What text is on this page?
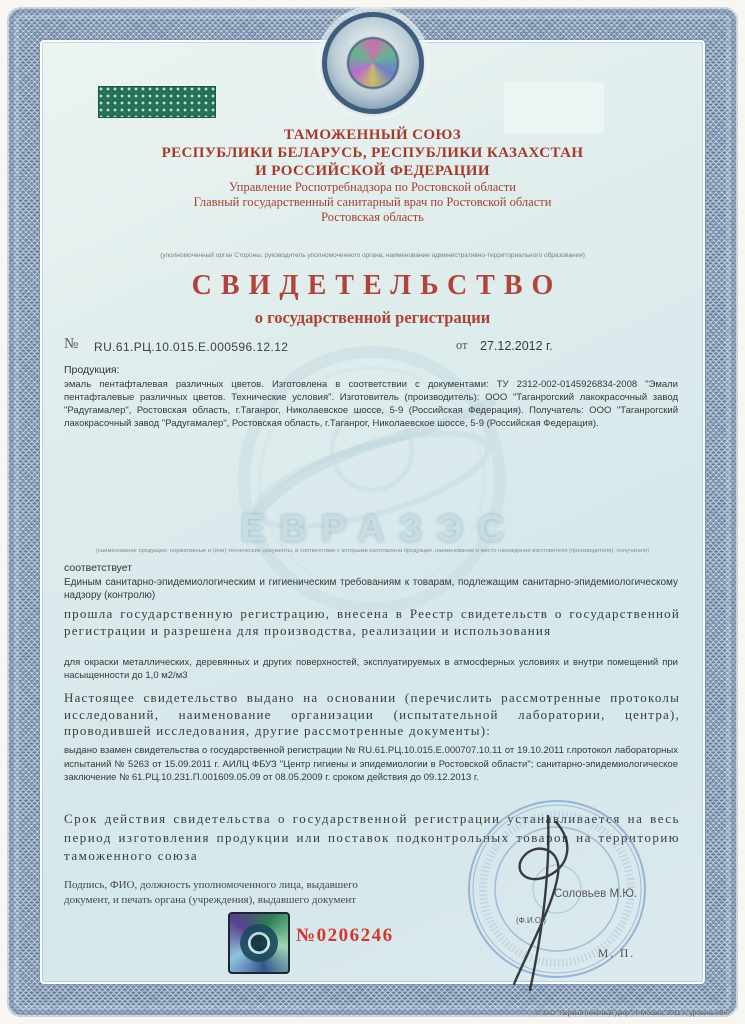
ЕВРАЗЭС
ТАМОЖЕННЫЙ СОЮЗ
РЕСПУБЛИКИ БЕЛАРУСЬ, РЕСПУБЛИКИ КАЗАХСТАН
И РОССИЙСКОЙ ФЕДЕРАЦИИ
Управление Роспотребнадзора по Ростовской области
Главный государственный санитарный врач по Ростовской области
Ростовская область
(уполномоченный орган Стороны, руководитель уполномоченного органа, наименование административно-территориального образования)
СВИДЕТЕЛЬСТВО
о государственной регистрации
№ RU.61.РЦ.10.015.Е.000596.12.12	от 27.12.2012 г.
Продукция:
эмаль пентафталевая различных цветов. Изготовлена в соответствии с документами: ТУ 2312-002-0145926834-2008 "Эмали пентафталевые различных цветов. Технические условия". Изготовитель (производитель): ООО "Таганрогский лакокрасочный завод "Радугамалер", Ростовская область, г.Таганрог, Николаевское шоссе, 5-9 (Российская Федерация). Получатель: ООО "Таганрогский лакокрасочный завод "Радугамалер", Ростовская область, г.Таганрог, Николаевское шоссе, 5-9 (Российская Федерация).
(наименование продукции, нормативные и (или) технические документы, в соответствии с которыми изготовлена продукция, наименование и место нахождения изготовителя (производителя), получателя)
соответствует
Единым санитарно-эпидемиологическим и гигиеническим требованиям к товарам, подлежащим санитарно-эпидемиологическому надзору (контролю)
прошла государственную регистрацию, внесена в Реестр свидетельств о государственной регистрации и разрешена для производства, реализации и использования
для окраски металлических, деревянных и других поверхностей, эксплуатируемых в атмосферных условиях и внутри помещений при насыщенности до 1,0 м2/м3
Настоящее свидетельство выдано на основании (перечислить рассмотренные протоколы исследований, наименование организации (испытательной лаборатории, центра), проводившей исследования, другие рассмотренные документы):
выдано взамен свидетельства о государственной регистрации № RU.61.РЦ.10.015.Е.000707.10.11 от 19.10.2011 г.протокол лабораторных испытаний № 5263 от 15.09.2011 г. АИЛЦ ФБУЗ "Центр гигиены и эпидемиологии в Ростовской области"; санитарно-эпидемиологическое заключение № 61.РЦ.10.231.П.001609.05.09 от 08.05.2009 г. сроком действия до 09.12.2013 г.
Срок действия свидетельства о государственной регистрации устанавливается на весь период изготовления продукции или поставок подконтрольных товаров на территорию таможенного союза
Подпись, ФИО, должность уполномоченного лица, выдавшего документ, и печать органа (учреждения), выдавшего документ	Соловьев М.Ю.
(Ф.И.О.)
М. П.
№0206246
© ЗАО "Первый печатный двор", г. Москва, 2011 г., уровень «В».
